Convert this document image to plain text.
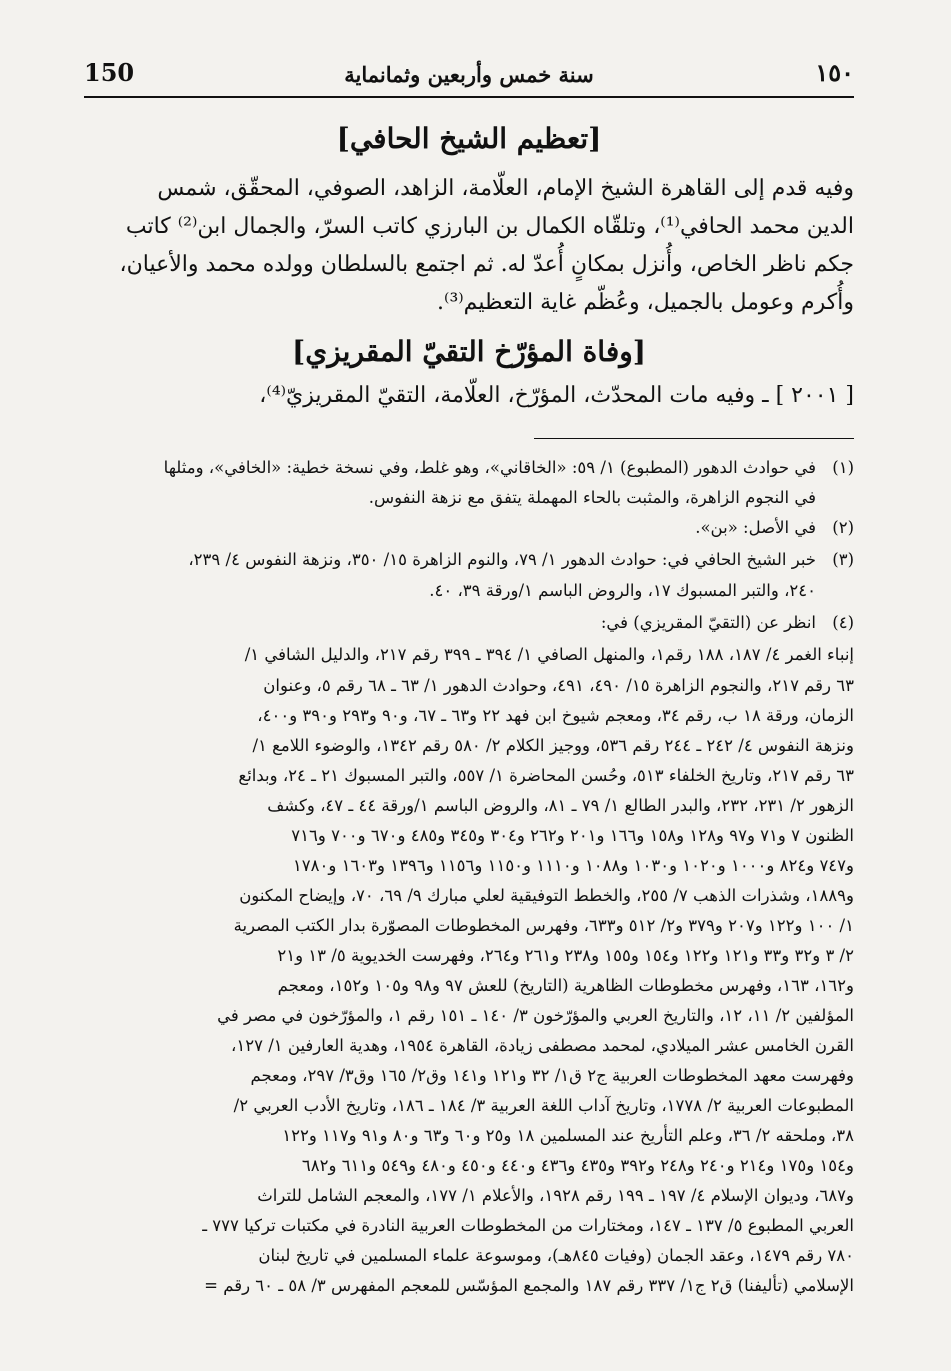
150	سنة خمس وأربعين وثمانماية	١٥٠
[تعظيم الشيخ الحافي]
وفيه قدم إلى القاهرة الشيخ الإمام، العلّامة، الزاهد، الصوفي، المحقّق، شمس
الدين محمد الحافي⁽¹⁾، وتلقّاه الكمال بن البارزي كاتب السرّ، والجمال ابن⁽²⁾ كاتب
جكم ناظر الخاص، وأُنزل بمكانٍ أُعدّ له. ثم اجتمع بالسلطان وولده محمد والأعيان،
وأُكرم وعومل بالجميل، وعُظّم غاية التعظيم⁽³⁾.
[وفاة المؤرّخ التقيّ المقريزي]
[ ٢٠٠١ ] ـ وفيه مات المحدّث، المؤرّخ، العلّامة، التقيّ المقريزيّ⁽⁴⁾،
(١)
في حوادث الدهور (المطبوع) ١/ ٥٩: «الخاقاني»، وهو غلط، وفي نسخة خطية: «الخافي»، ومثلها
في النجوم الزاهرة، والمثبت بالحاء المهملة يتفق مع نزهة النفوس.
(٢)
في الأصل: «بن».
(٣)
خبر الشيخ الحافي في: حوادث الدهور ١/ ٧٩، والنوم الزاهرة ١٥/ ٣٥٠، ونزهة النفوس ٤/ ٢٣٩،
٢٤٠، والتبر المسبوك ١٧، والروض الباسم ١/ورقة ٣٩، ٤٠.
(٤)
انظر عن (التقيّ المقريزي) في:
إنباء الغمر ٤/ ١٨٧، ١٨٨ رقم١، والمنهل الصافي ١/ ٣٩٤ ـ ٣٩٩ رقم ٢١٧، والدليل الشافي ١/
٦٣ رقم ٢١٧، والنجوم الزاهرة ١٥/ ٤٩٠، ٤٩١، وحوادث الدهور ١/ ٦٣ ـ ٦٨ رقم ٥، وعنوان
الزمان، ورقة ١٨ ب، رقم ٣٤، ومعجم شيوخ ابن فهد ٢٢ و٦٣ ـ ٦٧، و٩٠ و٢٩٣ و٣٩٠ و٤٠٠،
ونزهة النفوس ٤/ ٢٤٢ ـ ٢٤٤ رقم ٥٣٦، ووجيز الكلام ٢/ ٥٨٠ رقم ١٣٤٢، والوضوء اللامع ١/
٦٣ رقم ٢١٧، وتاريخ الخلفاء ٥١٣، وحُسن المحاضرة ١/ ٥٥٧، والتبر المسبوك ٢١ ـ ٢٤، وبدائع
الزهور ٢/ ٢٣١، ٢٣٢، والبدر الطالع ١/ ٧٩ ـ ٨١، والروض الباسم ١/ورقة ٤٤ ـ ٤٧، وكشف
الظنون ٧ و٧١ و٩٧ و١٢٨ و١٥٨ و١٦٦ و٢٠١ و٢٦٢ و٣٠٤ و٣٤٥ و٤٨٥ و٦٧٠ و٧٠٠ و٧١٦
و٧٤٧ و٨٢٤ و١٠٠٠ و١٠٢٠ و١٠٣٠ و١٠٨٨ و١١١٠ و١١٥٠ و١١٥٦ و١٣٩٦ و١٦٠٣ و١٧٨٠
و١٨٨٩، وشذرات الذهب ٧/ ٢٥٥، والخطط التوفيقية لعلي مبارك ٩/ ٦٩، ٧٠، وإيضاح المكنون
١/ ١٠٠ و١٢٢ و٢٠٧ و٣٧٩ و٢/ ٥١٢ و٦٣٣، وفهرس المخطوطات المصوّرة بدار الكتب المصرية
٢/ ٣ و٣٢ و٣٣ و١٢١ و١٢٢ و١٥٤ و١٥٥ و٢٣٨ و٢٦١ و٢٦٤، وفهرست الخديوية ٥/ ١٣ و٢١
و١٦٢، ١٦٣، وفهرس مخطوطات الظاهرية (التاريخ) للعش ٩٧ و٩٨ و١٠٥ و١٥٢، ومعجم
المؤلفين ٢/ ١١، ١٢، والتاريخ العربي والمؤرّخون ٣/ ١٤٠ ـ ١٥١ رقم ١، والمؤرّخون في مصر في
القرن الخامس عشر الميلادي، لمحمد مصطفى زيادة، القاهرة ١٩٥٤، وهدية العارفين ١/ ١٢٧،
وفهرست معهد المخطوطات العربية ج٢ ق١/ ٣٢ و١٢١ و١٤١ وق٢/ ١٦٥ وق٣/ ٢٩٧، ومعجم
المطبوعات العربية ٢/ ١٧٧٨، وتاريخ آداب اللغة العربية ٣/ ١٨٤ ـ ١٨٦، وتاريخ الأدب العربي ٢/
٣٨، وملحقه ٢/ ٣٦، وعلم التأريخ عند المسلمين ١٨ و٢٥ و٦٠ و٦٣ و٨٠ و٩١ و١١٧ و١٢٢
و١٥٤ و١٧٥ و٢١٤ و٢٤٠ و٢٤٨ و٣٩٢ و٤٣٥ و٤٣٦ و٤٤٠ و٤٥٠ و٤٨٠ و٥٤٩ و٦١١ و٦٨٢
و٦٨٧، وديوان الإسلام ٤/ ١٩٧ ـ ١٩٩ رقم ١٩٢٨، والأعلام ١/ ١٧٧، والمعجم الشامل للتراث
العربي المطبوع ٥/ ١٣٧ ـ ١٤٧، ومختارات من المخطوطات العربية النادرة في مكتبات تركيا ٧٧٧ ـ
٧٨٠ رقم ١٤٧٩، وعقد الجمان (وفيات ٨٤٥هـ)، وموسوعة علماء المسلمين في تاريخ لبنان
الإسلامي (تأليفنا) ق٢ ج١/ ٣٣٧ رقم ١٨٧ والمجمع المؤسّس للمعجم المفهرس ٣/ ٥٨ ـ ٦٠ رقم =
